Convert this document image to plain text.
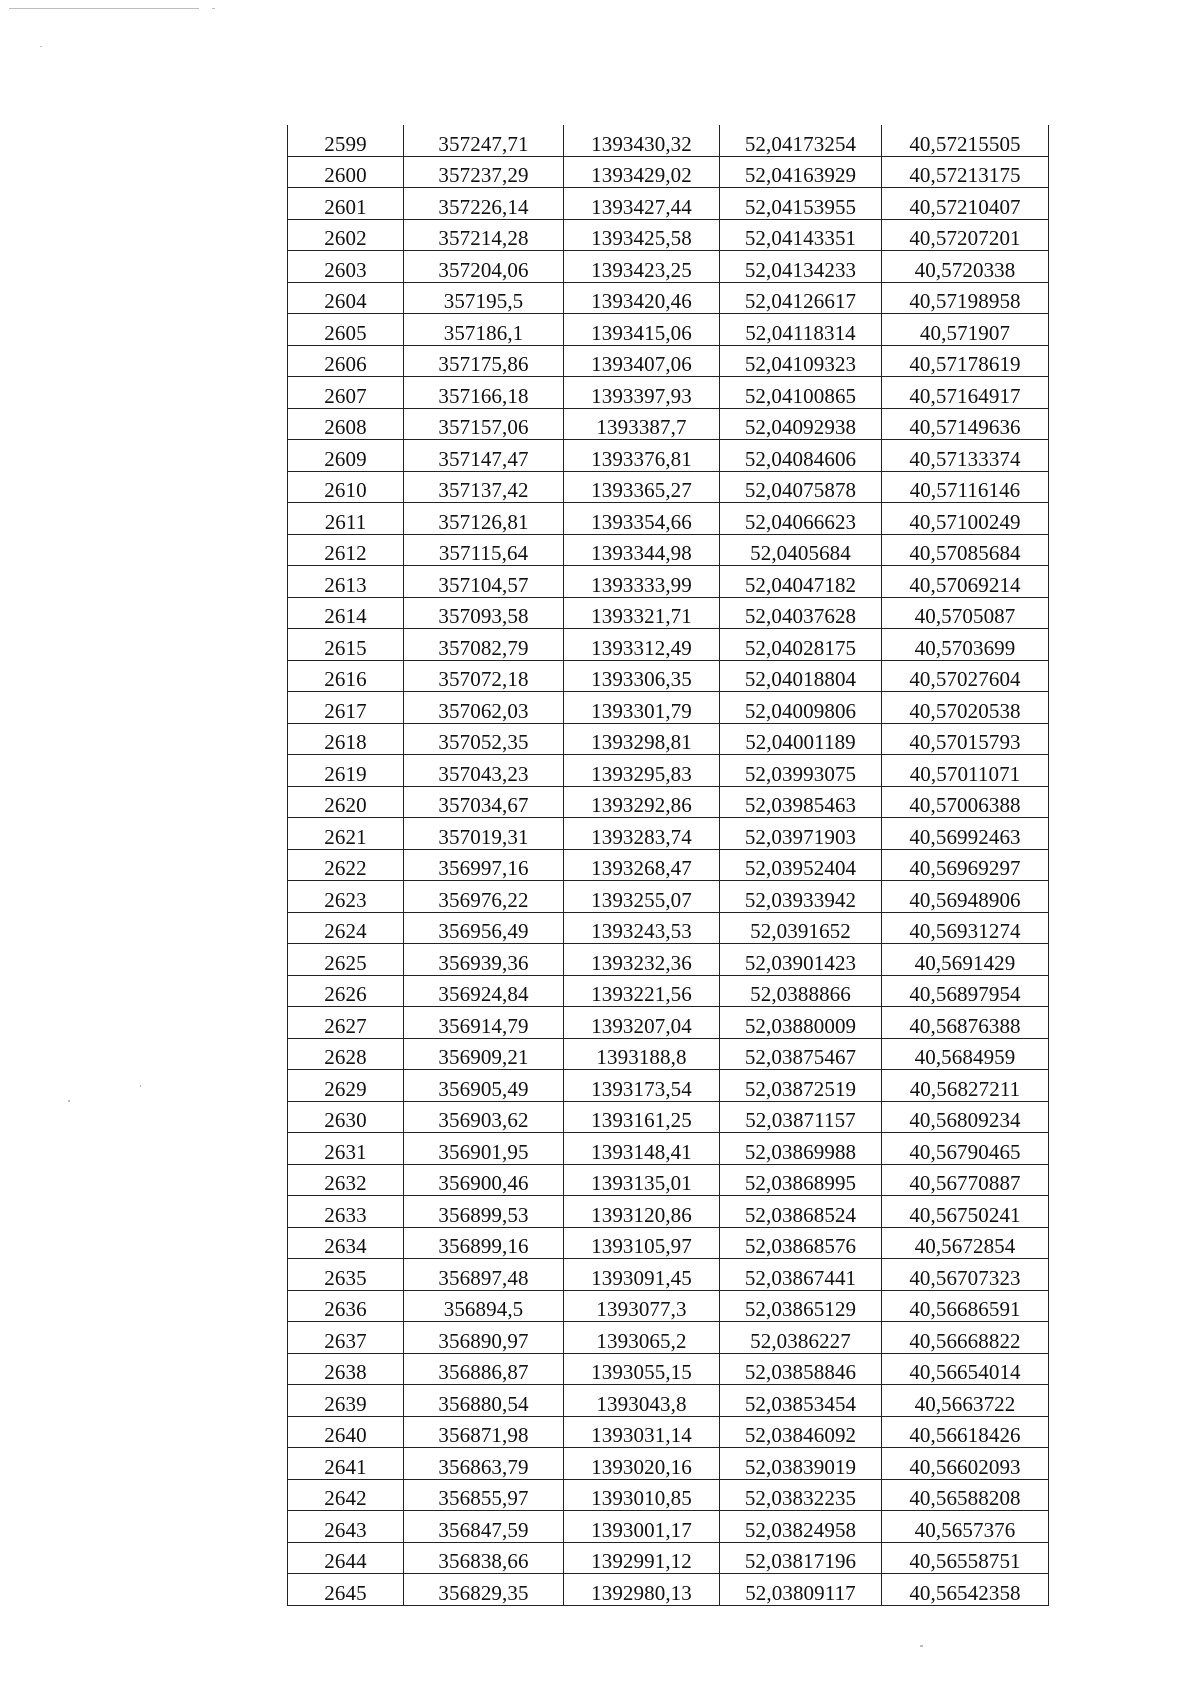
2599	357247,71	1393430,32	52,04173254	40,57215505
2600	357237,29	1393429,02	52,04163929	40,57213175
2601	357226,14	1393427,44	52,04153955	40,57210407
2602	357214,28	1393425,58	52,04143351	40,57207201
2603	357204,06	1393423,25	52,04134233	40,5720338
2604	357195,5	1393420,46	52,04126617	40,57198958
2605	357186,1	1393415,06	52,04118314	40,571907
2606	357175,86	1393407,06	52,04109323	40,57178619
2607	357166,18	1393397,93	52,04100865	40,57164917
2608	357157,06	1393387,7	52,04092938	40,57149636
2609	357147,47	1393376,81	52,04084606	40,57133374
2610	357137,42	1393365,27	52,04075878	40,57116146
2611	357126,81	1393354,66	52,04066623	40,57100249
2612	357115,64	1393344,98	52,0405684	40,57085684
2613	357104,57	1393333,99	52,04047182	40,57069214
2614	357093,58	1393321,71	52,04037628	40,5705087
2615	357082,79	1393312,49	52,04028175	40,5703699
2616	357072,18	1393306,35	52,04018804	40,57027604
2617	357062,03	1393301,79	52,04009806	40,57020538
2618	357052,35	1393298,81	52,04001189	40,57015793
2619	357043,23	1393295,83	52,03993075	40,57011071
2620	357034,67	1393292,86	52,03985463	40,57006388
2621	357019,31	1393283,74	52,03971903	40,56992463
2622	356997,16	1393268,47	52,03952404	40,56969297
2623	356976,22	1393255,07	52,03933942	40,56948906
2624	356956,49	1393243,53	52,0391652	40,56931274
2625	356939,36	1393232,36	52,03901423	40,5691429
2626	356924,84	1393221,56	52,0388866	40,56897954
2627	356914,79	1393207,04	52,03880009	40,56876388
2628	356909,21	1393188,8	52,03875467	40,5684959
2629	356905,49	1393173,54	52,03872519	40,56827211
2630	356903,62	1393161,25	52,03871157	40,56809234
2631	356901,95	1393148,41	52,03869988	40,56790465
2632	356900,46	1393135,01	52,03868995	40,56770887
2633	356899,53	1393120,86	52,03868524	40,56750241
2634	356899,16	1393105,97	52,03868576	40,5672854
2635	356897,48	1393091,45	52,03867441	40,56707323
2636	356894,5	1393077,3	52,03865129	40,56686591
2637	356890,97	1393065,2	52,0386227	40,56668822
2638	356886,87	1393055,15	52,03858846	40,56654014
2639	356880,54	1393043,8	52,03853454	40,5663722
2640	356871,98	1393031,14	52,03846092	40,56618426
2641	356863,79	1393020,16	52,03839019	40,56602093
2642	356855,97	1393010,85	52,03832235	40,56588208
2643	356847,59	1393001,17	52,03824958	40,5657376
2644	356838,66	1392991,12	52,03817196	40,56558751
2645	356829,35	1392980,13	52,03809117	40,56542358
